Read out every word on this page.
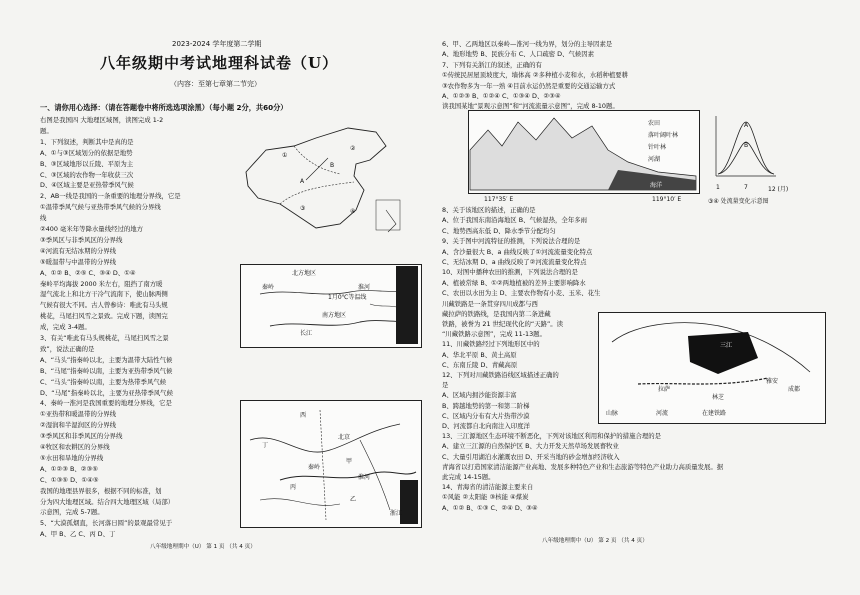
2023-2024 学年度第二学期
八年级期中考试地理科试卷（U）
（内容：至第七章第二节完）
一、请你用心选择：（请在答题卷中将所选选项涂黑）（每小题 2分，共60分）
右图是我国四 大地理区域图，读图完成 1-2
题。
1、下列叙述，判断其中是真的是
A、①与③区域划分的依据是地势
B、③区域地形以丘陵、平原为主
C、③区域的农作物一年收获三次
D、④区域主要是亚热带季风气候
2、AB一线是我国的一条重要的地理分界线，它是
①温带季风气候与亚热带季风气候的分界线
线
②400 毫米年等降水量线经过的地方
③季风区与非季风区的分界线
④河流有无结冰期的分界线
⑤暖温带与中温带的分界线
A、①② B、②⑤ C、③④ D、①④
秦岭平均海拔 2000 米左右，阻挡了南方暖
湿气流北上和北方干冷气流南下，使山脉两侧
气候有很大不同。古人曾参诗：唯此有马头规
桃花，马尾扫风雪之景致。完成下题，读图完
成，完成 3-4题。
3、有关“唯此有马头规桃花，马尾扫风雪之景
致”，说法正确的是
A、“马头”指秦岭以北，主要为温带大陆性气候
B、“马尾”指秦岭以南，主要为亚热带季风气候
C、“马头”指秦岭以南，主要为热带季风气候
D、“马尾”指秦岭以北，主要为亚热带季风气候
4、秦岭一淮河是我国重要的地理分界线，它是
①亚热带和暖温带的分界线
②湿润和半湿润区的分界线
③季风区和非季风区的分界线
④牧区和农耕区的分界线
⑤水田和旱地的分界线
A、①②③ B、②③⑤
C、①③⑤ D、①④⑤
我国的地理县界很多，根据不同的标准，划
分为四大地理区域。结合四大地理区域（局部）
示意图，完成 5-7题。
5、“大漠孤烟直，长河落日圆”的景观最常见于
A、甲 B、乙 C、丙 D、丁
①
②
③	④
A
B
北方地区
秦岭
1月0℃等温线
南方地区
长江
淮河
西
丁
北京
秦岭
甲
丙
淮河
乙
浙江
八年级地理期中（U） 第 1 页 （共 4 页）
6、甲、乙两地区以秦岭—淮河一线为界，划分的主导因素是
A、地形地势 B、民族分布 C、人口疏密 D、气候因素
7、下列有关浙江的叙述，正确的有
①传统民居屋顶坡度大，墙体高 ②多种植小麦和水，水稻种植要耕
③农作物多为一年一熟 ④目前水运仍然是重要的交通运输方式
A、①②③ B、①②④ C、①③④ D、②③④
读我国某地“景观示意图”和“河流流量示意图”，完成 8-10题。
8、关于该地区的描述，正确的是
A、位于我国东南沿海地区 B、气候湿热，全年多雨
C、地势西高东低 D、降水季节分配均匀
9、关于图中河流特征的推测，下列说法合理的是
A、含沙量很大 B、a 曲线反映了①河流流量变化特点
C、无结冰期 D、a 曲线反映了②河流流量变化特点
10、对图中播种农田的推测，下列说法合理的是
A、植被常绿 B、①②两地植被的差异主要影响降水
C、农田以水田为主 D、主要农作物有小麦、玉米、花生
川藏铁路是一条贯穿四川成都与西
藏拉萨的铁路线，是我国内第二条进藏
铁路，被誉为 21 世纪现代化的“天路”。读
“川藏铁路示意图”，完成 11-13题。
11、川藏铁路经过下列地形区中的
A、华北平原 B、黄土高原
C、东南丘陵 D、青藏高原
12、下列对川藏铁路沿线区域描述正确的
是
A、区域内拥沙能资源丰富
B、跨越地势的第一和第二阶梯
C、区域内分布有大片热带沙漠
D、河流都自北向南注入印度洋
13、三江源地区生态环境不断恶化，下列对该地区利用和保护的措施合理的是
A、建立三江源的自然保护区 B、大力开发天然草场发展畜牧业
C、大量引用湖泊水灌溉农田 D、开采当地的砂金增加经济收入
青海省以打造国家清洁能源产业高地、发展多种特色产业和生态旅游等特色产业助力高质量发展。据
此完成 14-15题。
14、青海省的清洁能源主要来自
①风能 ②太阳能 ③核能 ④煤炭
A、①② B、①③ C、②④ D、③④
海洋
117°35′ E	119°10′ E
农田
落叶阔叶林
针叶林
河湖
A
B
1	7	12 (月)
③④ 处流量变化示意图
拉萨
林芝
三江
雅安
成都
山脉	河流	在建铁路
八年级地理期中（U） 第 2 页 （共 4 页）
